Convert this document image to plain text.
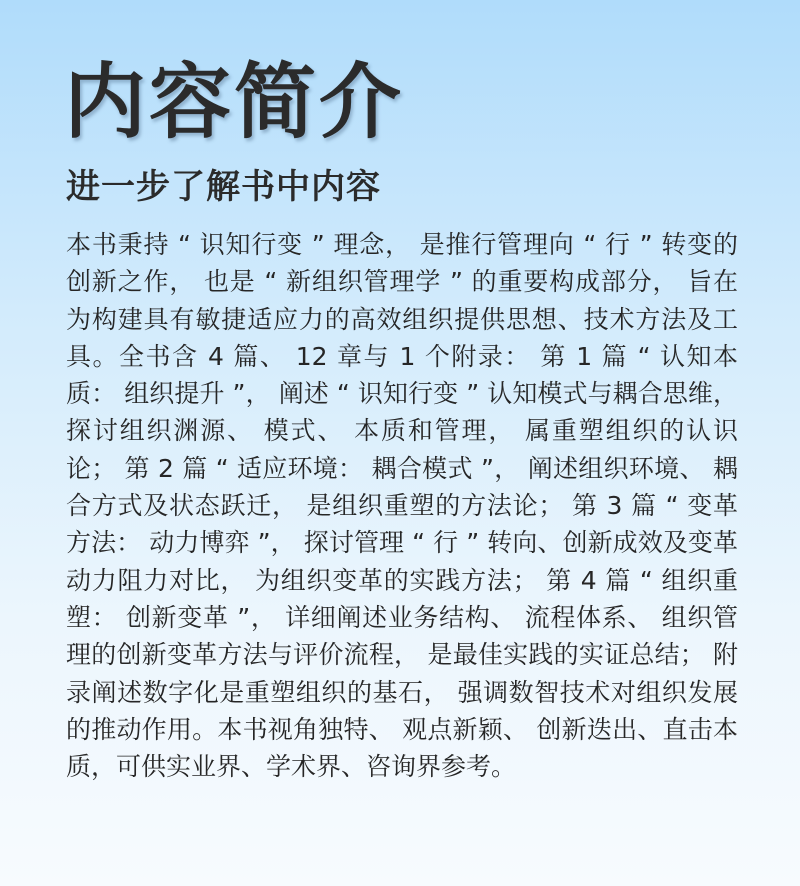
内容简介
进一步了解书中内容

本书秉持 “ 识知行变 ” 理念， 是推行管理向 “ 行 ” 转变的创新之作， 也是 “ 新组织管理学 ” 的重要构成部分， 旨在为构建具有敏捷适应力的高效组织提供思想、技术方法及工具。全书含 4 篇、 12 章与 1 个附录： 第 1 篇 “ 认知本质： 组织提升 ”， 阐述 “ 识知行变 ” 认知模式与耦合思维， 探讨组织渊源、 模式、 本质和管理， 属重塑组织的认识论； 第 2 篇 “ 适应环境： 耦合模式 ”， 阐述组织环境、 耦合方式及状态跃迁， 是组织重塑的方法论； 第 3 篇 “ 变革方法： 动力博弈 ”， 探讨管理 “ 行 ” 转向、创新成效及变革动力阻力对比， 为组织变革的实践方法； 第 4 篇 “ 组织重塑： 创新变革 ”， 详细阐述业务结构、 流程体系、 组织管理的创新变革方法与评价流程， 是最佳实践的实证总结； 附录阐述数字化是重塑组织的基石， 强调数智技术对组织发展的推动作用。本书视角独特、 观点新颖、 创新迭出、直击本质，可供实业界、学术界、咨询界参考。
